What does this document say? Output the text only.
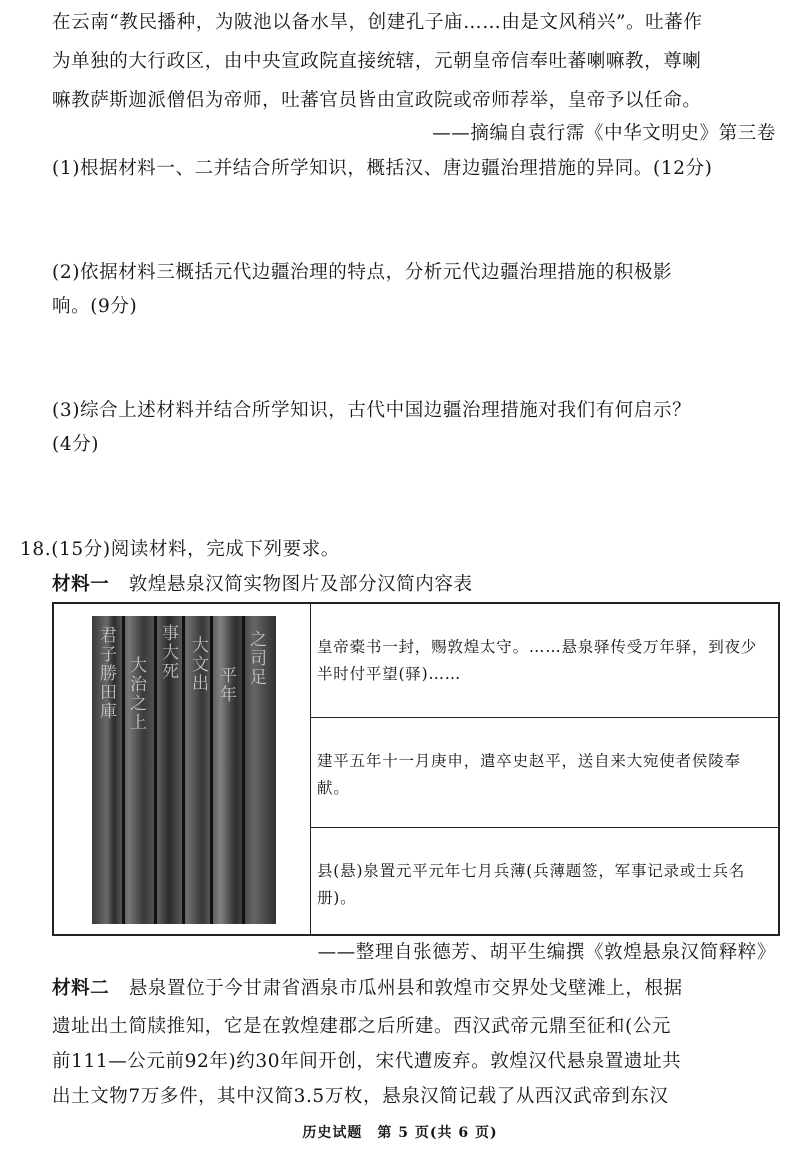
在云南“教民播种，为陂池以备水旱，创建孔子庙……由是文风稍兴”。吐蕃作
为单独的大行政区，由中央宣政院直接统辖，元朝皇帝信奉吐蕃喇嘛教，尊喇
嘛教萨斯迦派僧侣为帝师，吐蕃官员皆由宣政院或帝师荐举，皇帝予以任命。
——摘编自袁行霈《中华文明史》第三卷
(1)根据材料一、二并结合所学知识，概括汉、唐边疆治理措施的异同。(12分)
(2)依据材料三概括元代边疆治理的特点，分析元代边疆治理措施的积极影
响。(9分)
(3)综合上述材料并结合所学知识，古代中国边疆治理措施对我们有何启示？
(4分)
18.(15分)阅读材料，完成下列要求。
材料一 敦煌悬泉汉简实物图片及部分汉简内容表
君子勝田庫 大治之上
事大死 大文出 平年 之司足	皇帝橐书一封，赐敦煌太守。……悬泉驿传受万年驿，到夜少半时付平望(驿)……
建平五年十一月庚申，遣卒史赵平，送自来大宛使者侯陵奉献。
县(悬)泉置元平元年七月兵薄(兵薄题签，军事记录或士兵名册)。
——整理自张德芳、胡平生编撰《敦煌悬泉汉简释粹》
材料二 悬泉置位于今甘肃省酒泉市瓜州县和敦煌市交界处戈壁滩上，根据
遗址出土简牍推知，它是在敦煌建郡之后所建。西汉武帝元鼎至征和(公元
前111—公元前92年)约30年间开创，宋代遭废弃。敦煌汉代悬泉置遗址共
出土文物7万多件，其中汉简3.5万枚，悬泉汉简记载了从西汉武帝到东汉
历史试题　第 5 页(共 6 页)
